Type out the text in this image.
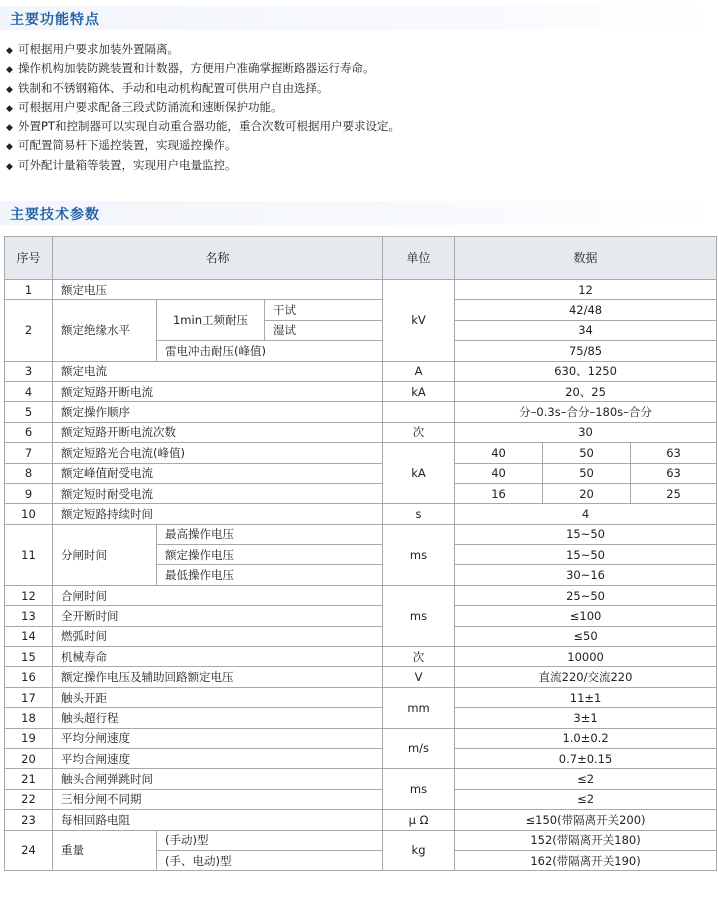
主要功能特点
◆ 可根据用户要求加装外置隔离。
◆ 操作机构加装防跳装置和计数器，方便用户准确掌握断路器运行寿命。
◆ 铁制和不锈钢箱体、手动和电动机构配置可供用户自由选择。
◆ 可根据用户要求配备三段式防涌流和速断保护功能。
◆ 外置PT和控制器可以实现自动重合器功能，重合次数可根据用户要求设定。
◆ 可配置简易杆下遥控装置，实现遥控操作。
◆ 可外配计量箱等装置，实现用户电量监控。
主要技术参数
序号	名称			单位	数据		
1	额定电压			kV	12		
2	额定绝缘水平	1min工频耐压	干试		42/48		
			湿试		34		
		雷电冲击耐压(峰值)			75/85		
3	额定电流			A	630、1250		
4	额定短路开断电流			kA	20、25		
5	额定操作顺序				分–0.3s–合分–180s–合分		
6	额定短路开断电流次数			次	30		
7	额定短路光合电流(峰值)			kA	40	50	63
8	额定峰值耐受电流				40	50	63
9	额定短时耐受电流				16	20	25
10	额定短路持续时间			s	4		
11	分闸时间	最高操作电压		ms	15~50		
		额定操作电压			15~50		
		最低操作电压			30~16		
12	合闸时间			ms	25~50		
13	全开断时间				≤100		
14	燃弧时间				≤50		
15	机械寿命			次	10000		
16	额定操作电压及辅助回路额定电压			V	直流220/交流220		
17	触头开距			mm	11±1		
18	触头超行程				3±1		
19	平均分闸速度			m/s	1.0±0.2		
20	平均合闸速度				0.7±0.15		
21	触头合闸弹跳时间			ms	≤2		
22	三相分闸不同期				≤2		
23	每相回路电阻			μ Ω	≤150(带隔离开关200)		
24	重量	(手动)型		kg	152(带隔离开关180)		
		(手、电动)型			162(带隔离开关190)		
